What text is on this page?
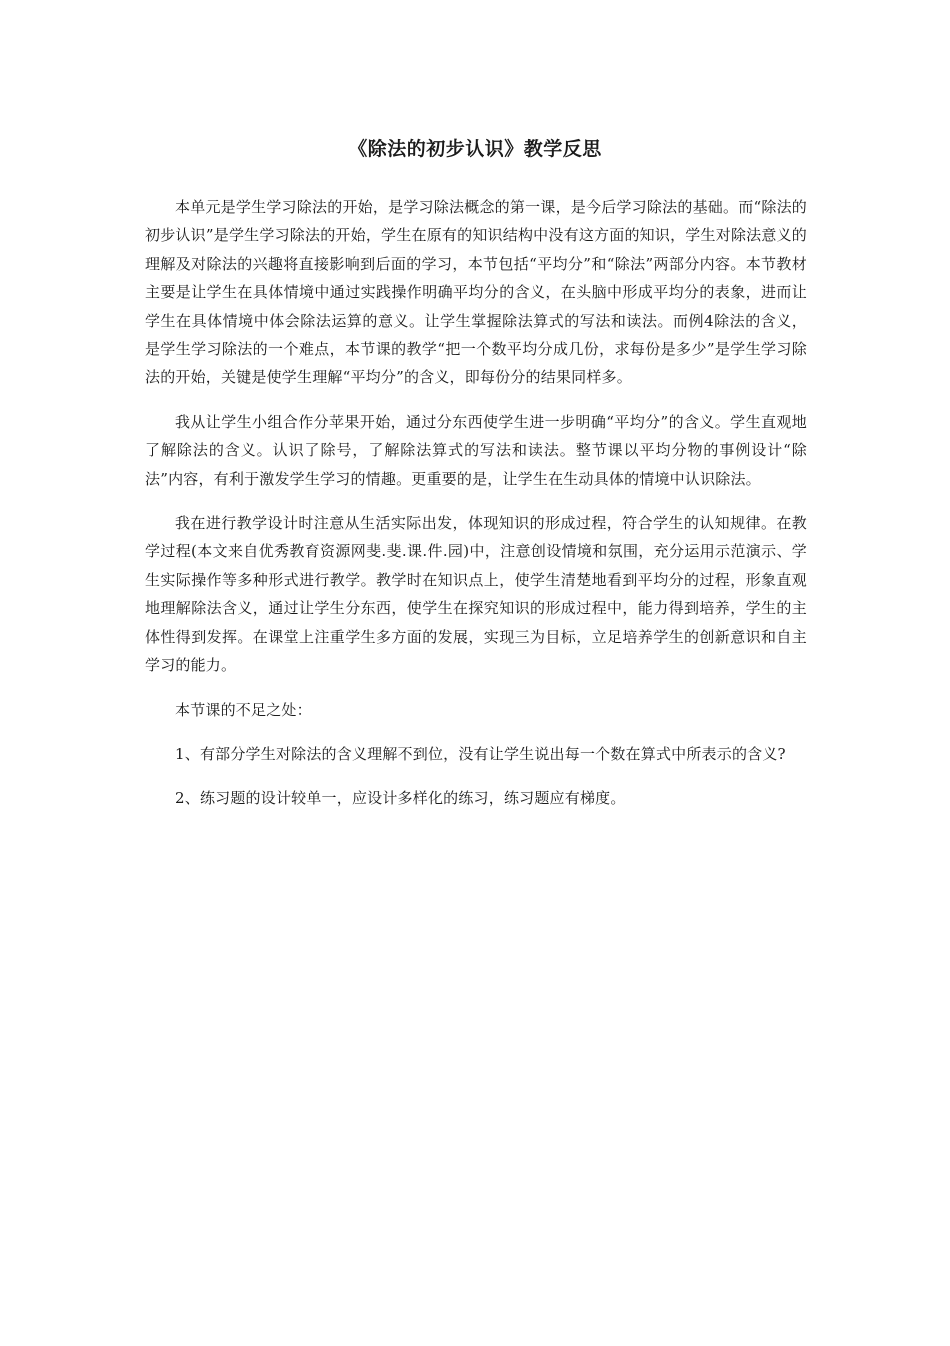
《除法的初步认识》教学反思

本单元是学生学习除法的开始，是学习除法概念的第一课，是今后学习除法的基础。而“除法的初步认识”是学生学习除法的开始，学生在原有的知识结构中没有这方面的知识，学生对除法意义的理解及对除法的兴趣将直接影响到后面的学习，本节包括“平均分”和“除法”两部分内容。本节教材主要是让学生在具体情境中通过实践操作明确平均分的含义，在头脑中形成平均分的表象，进而让学生在具体情境中体会除法运算的意义。让学生掌握除法算式的写法和读法。而例4除法的含义，是学生学习除法的一个难点，本节课的教学“把一个数平均分成几份，求每份是多少”是学生学习除法的开始，关键是使学生理解“平均分”的含义，即每份分的结果同样多。

我从让学生小组合作分苹果开始，通过分东西使学生进一步明确“平均分”的含义。学生直观地了解除法的含义。认识了除号，了解除法算式的写法和读法。整节课以平均分物的事例设计“除法”内容，有利于激发学生学习的情趣。更重要的是，让学生在生动具体的情境中认识除法。

我在进行教学设计时注意从生活实际出发，体现知识的形成过程，符合学生的认知规律。在教学过程(本文来自优秀教育资源网斐.斐.课.件.园)中，注意创设情境和氛围，充分运用示范演示、学生实际操作等多种形式进行教学。教学时在知识点上，使学生清楚地看到平均分的过程，形象直观地理解除法含义，通过让学生分东西，使学生在探究知识的形成过程中，能力得到培养，学生的主体性得到发挥。在课堂上注重学生多方面的发展，实现三为目标，立足培养学生的创新意识和自主学习的能力。

本节课的不足之处：

1、有部分学生对除法的含义理解不到位，没有让学生说出每一个数在算式中所表示的含义?

2、练习题的设计较单一，应设计多样化的练习，练习题应有梯度。
